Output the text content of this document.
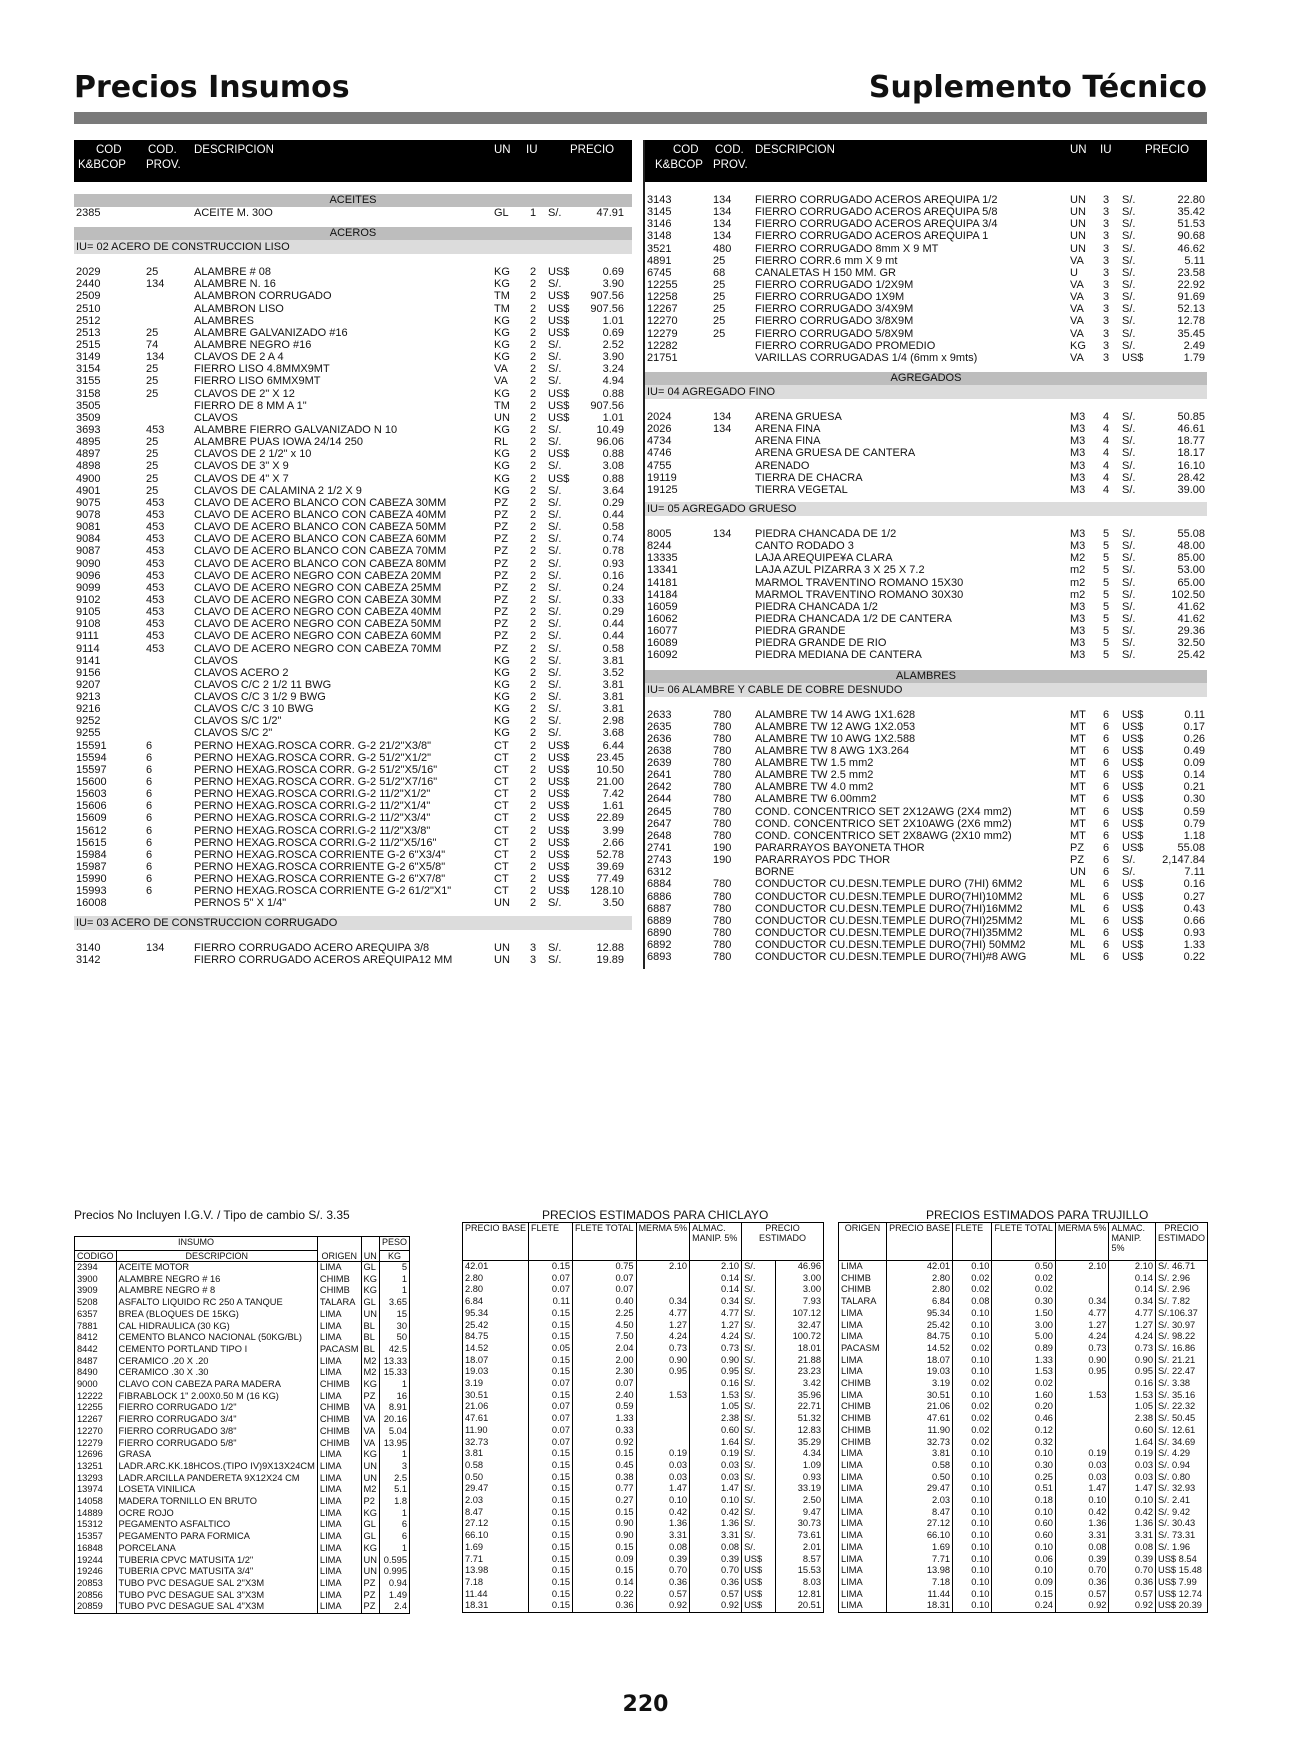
Precios Insumos	Suplemento Técnico
COD
K&BCOP
COD.
PROV.
DESCRIPCION	UN IU	PRECIO
ACEITES
2385	ACEITE M. 30O	GL 1 S/.	47.91
ACEROS
IU= 02 ACERO DE CONSTRUCCION LISO
2029	25	ALAMBRE # 08	KG 2 US$	0.69
2440	134	ALAMBRE N. 16	KG 2 S/.	3.90
2509	ALAMBRON CORRUGADO	TM 2 US$ 907.56
2510	ALAMBRON LISO	TM 2 US$ 907.56
2512	ALAMBRES	KG 2 US$	1.01
2513	25	ALAMBRE GALVANIZADO #16	KG 2 US$	0.69
2515	74	ALAMBRE NEGRO #16	KG 2 S/.	2.52
3149	134	CLAVOS DE 2 A 4	KG 2 S/.	3.90
3154	25	FIERRO LISO 4.8MMX9MT	VA 2 S/.	3.24
3155	25	FIERRO LISO 6MMX9MT	VA 2 S/.	4.94
3158	25	CLAVOS DE 2" X 12	KG 2 US$	0.88
3505	FIERRO DE 8 MM A 1"	TM 2 US$ 907.56
3509	CLAVOS	UN 2 US$	1.01
3693	453	ALAMBRE FIERRO GALVANIZADO N 10	KG 2 S/.	10.49
4895	25	ALAMBRE PUAS IOWA 24/14 250	RL 2 S/.	96.06
4897	25	CLAVOS DE 2 1/2" x 10	KG 2 US$	0.88
4898	25	CLAVOS DE 3" X 9	KG 2 S/.	3.08
4900	25	CLAVOS DE 4" X 7	KG 2 US$	0.88
4901	25	CLAVOS DE CALAMINA 2 1/2 X 9	KG 2 S/.	3.64
9075	453	CLAVO DE ACERO BLANCO CON CABEZA 30MM	PZ 2 S/.	0.29
9078	453	CLAVO DE ACERO BLANCO CON CABEZA 40MM	PZ 2 S/.	0.44
9081	453	CLAVO DE ACERO BLANCO CON CABEZA 50MM	PZ 2 S/.	0.58
9084	453	CLAVO DE ACERO BLANCO CON CABEZA 60MM	PZ 2 S/.	0.74
9087	453	CLAVO DE ACERO BLANCO CON CABEZA 70MM	PZ 2 S/.	0.78
9090	453	CLAVO DE ACERO BLANCO CON CABEZA 80MM	PZ 2 S/.	0.93
9096	453	CLAVO DE ACERO NEGRO CON CABEZA 20MM	PZ 2 S/.	0.16
9099	453	CLAVO DE ACERO NEGRO CON CABEZA 25MM	PZ 2 S/.	0.24
9102	453	CLAVO DE ACERO NEGRO CON CABEZA 30MM	PZ 2 S/.	0.33
9105	453	CLAVO DE ACERO NEGRO CON CABEZA 40MM	PZ 2 S/.	0.29
9108	453	CLAVO DE ACERO NEGRO CON CABEZA 50MM	PZ 2 S/.	0.44
9111	453	CLAVO DE ACERO NEGRO CON CABEZA 60MM	PZ 2 S/.	0.44
9114	453	CLAVO DE ACERO NEGRO CON CABEZA 70MM	PZ 2 S/.	0.58
9141	CLAVOS	KG 2 S/.	3.81
9156	CLAVOS ACERO 2	KG 2 S/.	3.52
9207	CLAVOS C/C 2 1/2 11 BWG	KG 2 S/.	3.81
9213	CLAVOS C/C 3 1/2 9 BWG	KG 2 S/.	3.81
9216	CLAVOS C/C 3 10 BWG	KG 2 S/.	3.81
9252	CLAVOS S/C 1/2"	KG 2 S/.	2.98
9255	CLAVOS S/C 2"	KG 2 S/.	3.68
15591	6	PERNO HEXAG.ROSCA CORR. G-2 21/2"X3/8"	CT 2 US$	6.44
15594	6	PERNO HEXAG.ROSCA CORR. G-2 51/2"X1/2"	CT 2 US$ 23.45
15597	6	PERNO HEXAG.ROSCA CORR. G-2 51/2"X5/16"	CT 2 US$ 10.50
15600	6	PERNO HEXAG.ROSCA CORR. G-2 51/2"X7/16"	CT 2 US$ 21.00
15603	6	PERNO HEXAG.ROSCA CORRI.G-2 11/2"X1/2"	CT 2 US$	7.42
15606	6	PERNO HEXAG.ROSCA CORRI.G-2 11/2"X1/4"	CT 2 US$	1.61
15609	6	PERNO HEXAG.ROSCA CORRI.G-2 11/2"X3/4"	CT 2 US$ 22.89
15612	6	PERNO HEXAG.ROSCA CORRI.G-2 11/2"X3/8"	CT 2 US$	3.99
15615	6	PERNO HEXAG.ROSCA CORRI.G-2 11/2"X5/16"	CT 2 US$	2.66
15984	6	PERNO HEXAG.ROSCA CORRIENTE G-2 6"X3/4"	CT 2 US$ 52.78
15987	6	PERNO HEXAG.ROSCA CORRIENTE G-2 6"X5/8"	CT 2 US$ 39.69
15990	6	PERNO HEXAG.ROSCA CORRIENTE G-2 6"X7/8"	CT 2 US$ 77.49
15993	6	PERNO HEXAG.ROSCA CORRIENTE G-2 61/2"X1"	CT 2 US$ 128.10
16008	PERNOS 5" X 1/4"	UN 2 S/.	3.50
IU= 03 ACERO DE CONSTRUCCION CORRUGADO
3140	134	FIERRO CORRUGADO ACERO AREQUIPA 3/8	UN 3 S/.	12.88
3142	FIERRO CORRUGADO ACEROS AREQUIPA12 MM	UN 3 S/.	19.89
COD
K&BCOP
COD.
PROV.
DESCRIPCION	UN IU	PRECIO
3143	134 FIERRO CORRUGADO ACEROS AREQUIPA 1/2	UN 3 S/.	22.80
3145	134 FIERRO CORRUGADO ACEROS AREQUIPA 5/8	UN 3 S/.	35.42
3146	134 FIERRO CORRUGADO ACEROS AREQUIPA 3/4	UN 3 S/.	51.53
3148	134 FIERRO CORRUGADO ACEROS AREQUIPA 1	UN 3 S/.	90.68
3521	480 FIERRO CORRUGADO 8mm X 9 MT	UN 3 S/.	46.62
4891	25	FIERRO CORR.6 mm X 9 mt	VA 3 S/.	5.11
6745	68	CANALETAS H 150 MM. GR	U 3 S/.	23.58
12255	25	FIERRO CORRUGADO 1/2X9M	VA 3 S/.	22.92
12258	25	FIERRO CORRUGADO 1X9M	VA 3 S/.	91.69
12267	25	FIERRO CORRUGADO 3/4X9M	VA 3 S/.	52.13
12270	25	FIERRO CORRUGADO 3/8X9M	VA 3 S/.	12.78
12279	25	FIERRO CORRUGADO 5/8X9M	VA 3 S/.	35.45
12282	FIERRO CORRUGADO PROMEDIO	KG 3 S/.	2.49
21751	VARILLAS CORRUGADAS 1/4 (6mm x 9mts)	VA 3 US$	1.79
AGREGADOS
IU= 04 AGREGADO FINO
2024	134 ARENA GRUESA	M3 4 S/.	50.85
2026	134 ARENA FINA	M3 4 S/.	46.61
4734	ARENA FINA	M3 4 S/.	18.77
4746	ARENA GRUESA DE CANTERA	M3 4 S/.	18.17
4755	ARENADO	M3 4 S/.	16.10
19119	TIERRA DE CHACRA	M3 4 S/.	28.42
19125	TIERRA VEGETAL	M3 4 S/.	39.00
IU= 05 AGREGADO GRUESO
8005	134 PIEDRA CHANCADA DE 1/2	M3 5 S/.	55.08
8244	CANTO RODADO 3	M3 5 S/.	48.00
13335	LAJA AREQUIPE¥A CLARA	M2 5 S/.	85.00
13341	LAJA AZUL PIZARRA 3 X 25 X 7.2	m2 5 S/.	53.00
14181	MARMOL TRAVENTINO ROMANO 15X30	m2 5 S/.	65.00
14184	MARMOL TRAVENTINO ROMANO 30X30	m2 5 S/.	102.50
16059	PIEDRA CHANCADA 1/2	M3 5 S/.	41.62
16062	PIEDRA CHANCADA 1/2 DE CANTERA	M3 5 S/.	41.62
16077	PIEDRA GRANDE	M3 5 S/.	29.36
16089	PIEDRA GRANDE DE RIO	M3 5 S/.	32.50
16092	PIEDRA MEDIANA DE CANTERA	M3 5 S/.	25.42
ALAMBRES
IU= 06 ALAMBRE Y CABLE DE COBRE DESNUDO
2633	780 ALAMBRE TW 14 AWG 1X1.628	MT 6 US$	0.11
2635	780 ALAMBRE TW 12 AWG 1X2.053	MT 6 US$	0.17
2636	780 ALAMBRE TW 10 AWG 1X2.588	MT 6 US$	0.26
2638	780 ALAMBRE TW 8 AWG 1X3.264	MT 6 US$	0.49
2639	780 ALAMBRE TW 1.5 mm2	MT 6 US$	0.09
2641	780 ALAMBRE TW 2.5 mm2	MT 6 US$	0.14
2642	780 ALAMBRE TW 4.0 mm2	MT 6 US$	0.21
2644	780 ALAMBRE TW 6.00mm2	MT 6 US$	0.30
2645	780 COND. CONCENTRICO SET 2X12AWG (2X4 mm2)	MT 6 US$	0.59
2647	780 COND. CONCENTRICO SET 2X10AWG (2X6 mm2)	MT 6 US$	0.79
2648	780 COND. CONCENTRICO SET 2X8AWG (2X10 mm2)	MT 6 US$	1.18
2741	190 PARARRAYOS BAYONETA THOR	PZ 6 US$	55.08
2743	190 PARARRAYOS PDC THOR	PZ 6 S/. 2,147.84
6312	BORNE	UN 6 S/.	7.11
6884	780 CONDUCTOR CU.DESN.TEMPLE DURO (7HI) 6MM2	ML 6 US$	0.16
6886	780 CONDUCTOR CU.DESN.TEMPLE DURO(7HI)10MM2	ML 6 US$	0.27
6887	780 CONDUCTOR CU.DESN.TEMPLE DURO(7HI)16MM2	ML 6 US$	0.43
6889	780 CONDUCTOR CU.DESN.TEMPLE DURO(7HI)25MM2	ML 6 US$	0.66
6890	780 CONDUCTOR CU.DESN.TEMPLE DURO(7HI)35MM2	ML 6 US$	0.93
6892	780 CONDUCTOR CU.DESN.TEMPLE DURO(7HI) 50MM2	ML 6 US$	1.33
6893	780 CONDUCTOR CU.DESN.TEMPLE DURO(7HI)#8 AWG	ML 6 US$	0.22
Precios No Incluyen I.G.V. / Tipo de cambio S/. 3.35	PRECIOS ESTIMADOS PARA CHICLAYO	PRECIOS ESTIMADOS PARA TRUJILLO
INSUMO		ORIGEN	UN	PESO
CODIGO	DESCRIPCION			KG
2394	ACEITE MOTOR	LIMA	GL	5
3900	ALAMBRE NEGRO # 16	CHIMB	KG	1
3909	ALAMBRE NEGRO # 8	CHIMB	KG	1
5208	ASFALTO LIQUIDO RC 250 A TANQUE	TALARA	GL	3.65
6357	BREA (BLOQUES DE 15KG)	LIMA	UN	15
7881	CAL HIDRAULICA (30 KG)	LIMA	BL	30
8412	CEMENTO BLANCO NACIONAL (50KG/BL)	LIMA	BL	50
8442	CEMENTO PORTLAND TIPO I	PACASM	BL	42.5
8487	CERAMICO .20 X .20	LIMA	M2	13.33
8490	CERAMICO .30 X .30	LIMA	M2	15.33
9000	CLAVO CON CABEZA PARA MADERA	CHIMB	KG	1
12222	FIBRABLOCK 1" 2.00X0.50 M (16 KG)	LIMA	PZ	16
12255	FIERRO CORRUGADO 1/2"	CHIMB	VA	8.91
12267	FIERRO CORRUGADO 3/4"	CHIMB	VA	20.16
12270	FIERRO CORRUGADO 3/8"	CHIMB	VA	5.04
12279	FIERRO CORRUGADO 5/8"	CHIMB	VA	13.95
12696	GRASA	LIMA	KG	1
13251	LADR.ARC.KK.18HCOS.(TIPO IV)9X13X24CM	LIMA	UN	3
13293	LADR.ARCILLA PANDERETA 9X12X24 CM	LIMA	UN	2.5
13974	LOSETA VINILICA	LIMA	M2	5.1
14058	MADERA TORNILLO EN BRUTO	LIMA	P2	1.8
14889	OCRE ROJO	LIMA	KG	1
15312	PEGAMENTO ASFALTICO	LIMA	GL	6
15357	PEGAMENTO PARA FORMICA	LIMA	GL	6
16848	PORCELANA	LIMA	KG	1
19244	TUBERIA CPVC MATUSITA 1/2"	LIMA	UN	0.595
19246	TUBERIA CPVC MATUSITA 3/4"	LIMA	UN	0.995
20853	TUBO PVC DESAGUE SAL 2"X3M	LIMA	PZ	0.94
20856	TUBO PVC DESAGUE SAL 3"X3M	LIMA	PZ	1.49
20859	TUBO PVC DESAGUE SAL 4"X3M	LIMA	PZ	2.4
PRECIO BASE	FLETE	FLETE TOTAL	MERMA 5%	ALMAC. MANIP. 5%	PRECIO ESTIMADO	
42.01	0.15	0.75	2.10	2.10	S/.	46.96
2.80	0.07	0.07		0.14	S/.	3.00
2.80	0.07	0.07		0.14	S/.	3.00
6.84	0.11	0.40	0.34	0.34	S/.	7.93
95.34	0.15	2.25	4.77	4.77	S/.	107.12
25.42	0.15	4.50	1.27	1.27	S/.	32.47
84.75	0.15	7.50	4.24	4.24	S/.	100.72
14.52	0.05	2.04	0.73	0.73	S/.	18.01
18.07	0.15	2.00	0.90	0.90	S/.	21.88
19.03	0.15	2.30	0.95	0.95	S/.	23.23
3.19	0.07	0.07		0.16	S/.	3.42
30.51	0.15	2.40	1.53	1.53	S/.	35.96
21.06	0.07	0.59		1.05	S/.	22.71
47.61	0.07	1.33		2.38	S/.	51.32
11.90	0.07	0.33		0.60	S/.	12.83
32.73	0.07	0.92		1.64	S/.	35.29
3.81	0.15	0.15	0.19	0.19	S/.	4.34
0.58	0.15	0.45	0.03	0.03	S/.	1.09
0.50	0.15	0.38	0.03	0.03	S/.	0.93
29.47	0.15	0.77	1.47	1.47	S/.	33.19
2.03	0.15	0.27	0.10	0.10	S/.	2.50
8.47	0.15	0.15	0.42	0.42	S/.	9.47
27.12	0.15	0.90	1.36	1.36	S/.	30.73
66.10	0.15	0.90	3.31	3.31	S/.	73.61
1.69	0.15	0.15	0.08	0.08	S/.	2.01
7.71	0.15	0.09	0.39	0.39	US$	8.57
13.98	0.15	0.15	0.70	0.70	US$	15.53
7.18	0.15	0.14	0.36	0.36	US$	8.03
11.44	0.15	0.22	0.57	0.57	US$	12.81
18.31	0.15	0.36	0.92	0.92	US$	20.51
ORIGEN	PRECIO BASE	FLETE	FLETE TOTAL	MERMA 5%	ALMAC. MANIP. 5%	PRECIO ESTIMADO
LIMA	42.01	0.10	0.50	2.10	2.10	S/. 46.71
CHIMB	2.80	0.02	0.02		0.14	S/. 2.96
CHIMB	2.80	0.02	0.02		0.14	S/. 2.96
TALARA	6.84	0.08	0.30	0.34	0.34	S/. 7.82
LIMA	95.34	0.10	1.50	4.77	4.77	S/.106.37
LIMA	25.42	0.10	3.00	1.27	1.27	S/. 30.97
LIMA	84.75	0.10	5.00	4.24	4.24	S/. 98.22
PACASM	14.52	0.02	0.89	0.73	0.73	S/. 16.86
LIMA	18.07	0.10	1.33	0.90	0.90	S/. 21.21
LIMA	19.03	0.10	1.53	0.95	0.95	S/. 22.47
CHIMB	3.19	0.02	0.02		0.16	S/. 3.38
LIMA	30.51	0.10	1.60	1.53	1.53	S/. 35.16
CHIMB	21.06	0.02	0.20		1.05	S/. 22.32
CHIMB	47.61	0.02	0.46		2.38	S/. 50.45
CHIMB	11.90	0.02	0.12		0.60	S/. 12.61
CHIMB	32.73	0.02	0.32		1.64	S/. 34.69
LIMA	3.81	0.10	0.10	0.19	0.19	S/. 4.29
LIMA	0.58	0.10	0.30	0.03	0.03	S/. 0.94
LIMA	0.50	0.10	0.25	0.03	0.03	S/. 0.80
LIMA	29.47	0.10	0.51	1.47	1.47	S/. 32.93
LIMA	2.03	0.10	0.18	0.10	0.10	S/. 2.41
LIMA	8.47	0.10	0.10	0.42	0.42	S/. 9.42
LIMA	27.12	0.10	0.60	1.36	1.36	S/. 30.43
LIMA	66.10	0.10	0.60	3.31	3.31	S/. 73.31
LIMA	1.69	0.10	0.10	0.08	0.08	S/. 1.96
LIMA	7.71	0.10	0.06	0.39	0.39	US$ 8.54
LIMA	13.98	0.10	0.10	0.70	0.70	US$ 15.48
LIMA	7.18	0.10	0.09	0.36	0.36	US$ 7.99
LIMA	11.44	0.10	0.15	0.57	0.57	US$ 12.74
LIMA	18.31	0.10	0.24	0.92	0.92	US$ 20.39
220
